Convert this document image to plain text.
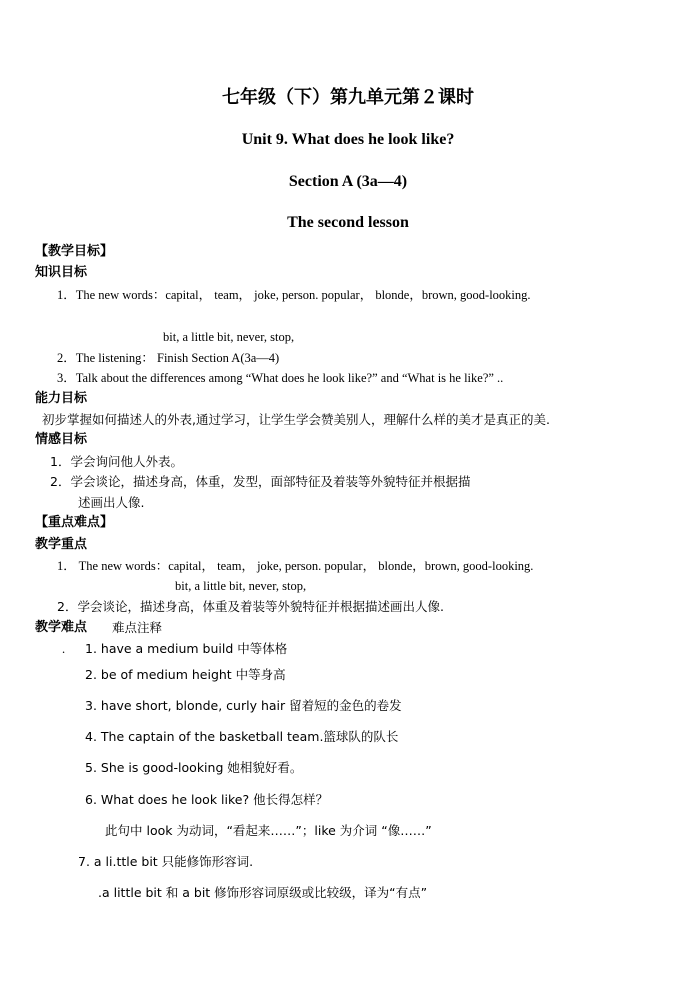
七年级（下）第九单元第２课时
Unit 9. What does he look like?
Section A (3a—4)
The second lesson
【教学目标】
知识目标
1．The new words：capital， team， joke, person. popular， blonde，brown, good-looking.
bit, a little bit, never, stop,
2．The listening： Finish Section A(3a—4)
3．Talk about the differences among “What does he look like?” and “What is he like?” ..
能力目标
初步掌握如何描述人的外表,通过学习，让学生学会赞美别人，理解什么样的美才是真正的美.
情感目标
1．学会询问他人外表。
2．学会谈论，描述身高，体重，发型，面部特征及着装等外貌特征并根据描
述画出人像.
【重点难点】
教学重点
1． The new words：capital， team， joke, person. popular， blonde，brown, good-looking.
bit, a little bit, never, stop,
2．学会谈论，描述身高，体重及着装等外貌特征并根据描述画出人像.
教学难点 难点注释
. 1. have a medium build 中等体格
2. be of medium height 中等身高
3. have short, blonde, curly hair 留着短的金色的卷发
4. The captain of the basketball team.篮球队的队长
5. She is good-looking 她相貌好看。
6. What does he look like? 他长得怎样？
此句中 look 为动词，“看起来……”；like 为介词 “像……”
7. a li.ttle bit 只能修饰形容词.
.a little bit 和 a bit 修饰形容词原级或比较级，译为“有点”
